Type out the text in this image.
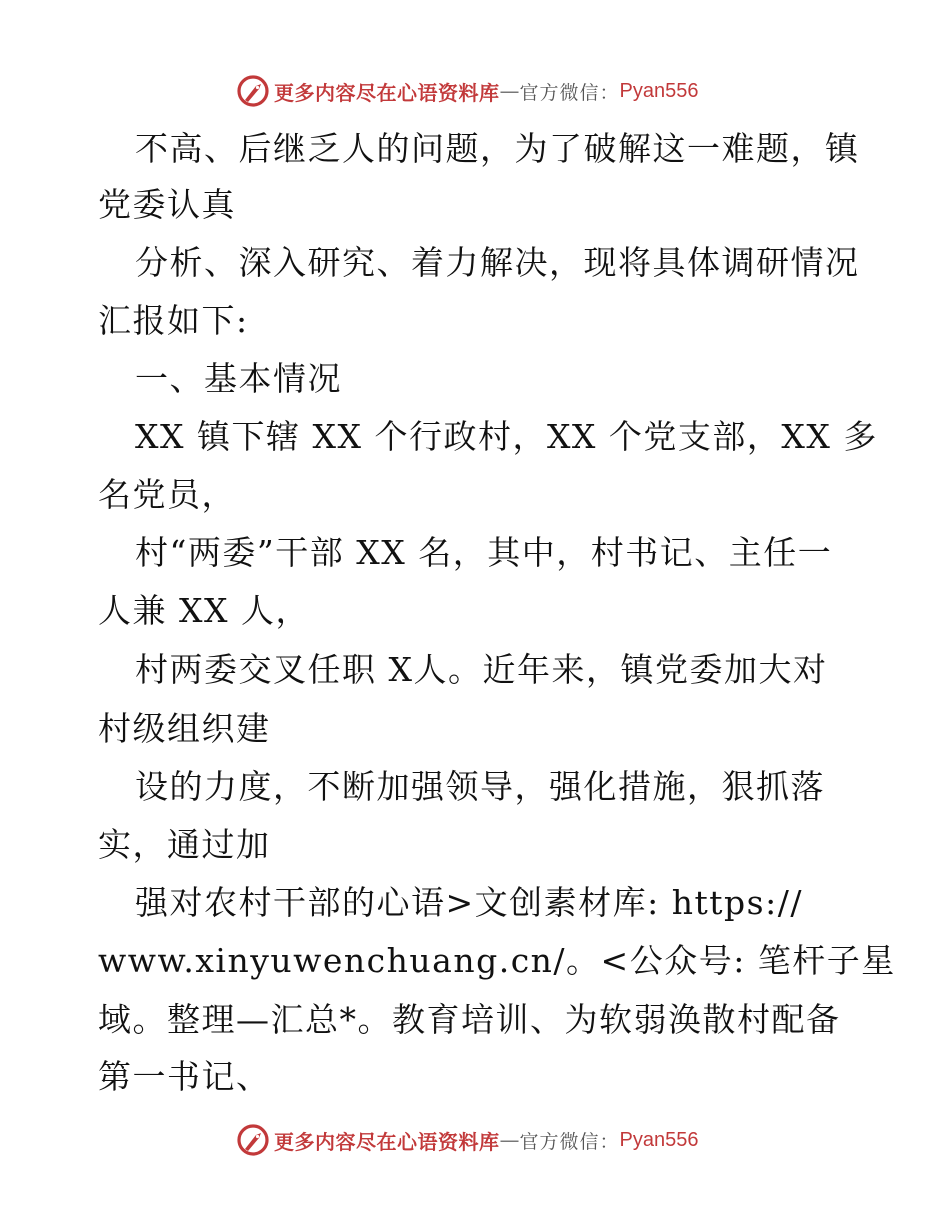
更多内容尽在心语资料库 — 官方微信： Pyan556
不高、后继乏人的问题，为了破解这一难题，镇
党委认真
分析、深入研究、着力解决，现将具体调研情况
汇报如下:
一、基本情况
XX 镇下辖 XX 个行政村，XX 个党支部，XX 多
名党员，
村“两委”干部 XX 名，其中，村书记、主任一
人兼 XX 人，
村两委交叉任职 X人。近年来，镇党委加大对
村级组织建
设的力度，不断加强领导，强化措施，狠抓落
实，通过加
强对农村干部的心语>文创素材库: https://
www.xinyuwenchuang.cn/。<公众号: 笔杆子星
域。整理—汇总*。教育培训、为软弱涣散村配备
第一书记、
更多内容尽在心语资料库 — 官方微信： Pyan556
